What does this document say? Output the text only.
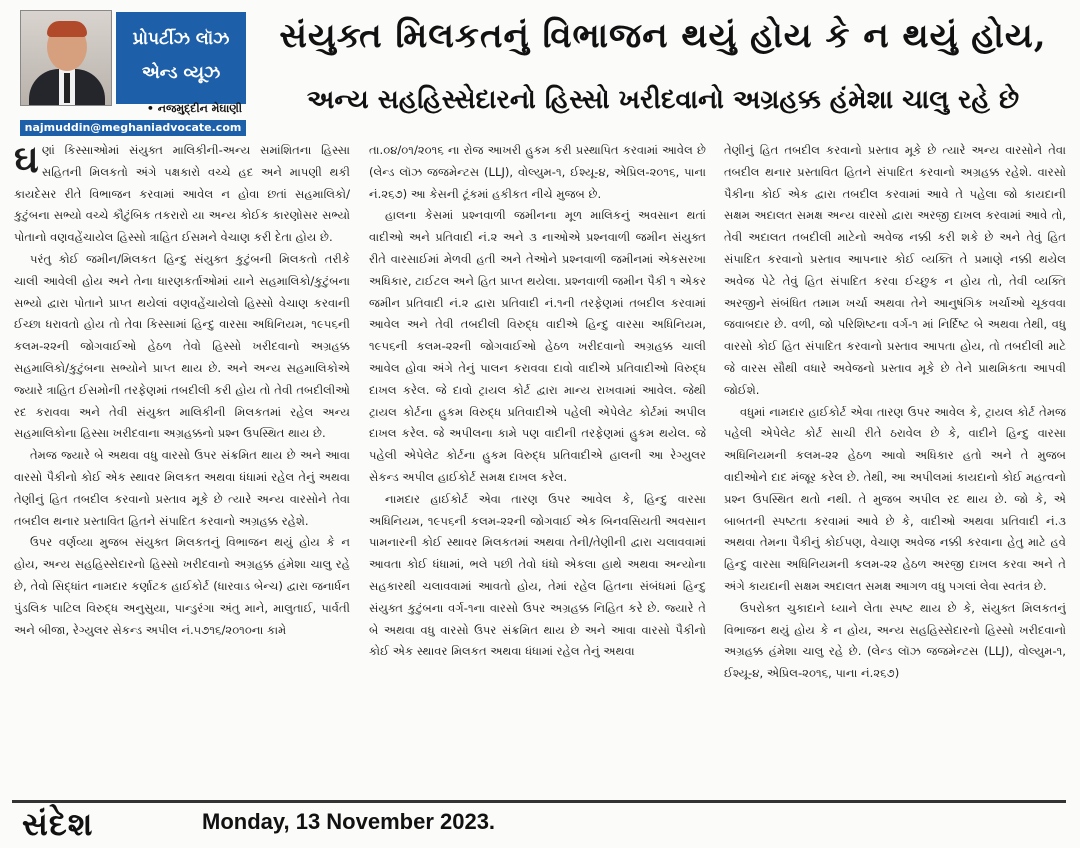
પ્રોપર્ટીઝ લૉઝ
એન્ડ વ્યૂઝ
• નજમુદ્દીન મેઘાણી
najmuddin@meghaniadvocate.com
સંયુક્ત મિલકતનું વિભાજન થયું હોય કે ન થયું હોય,
અન્ય સહહિસ્સેદારનો હિસ્સો ખરીદવાનો અગ્રહક્ક હંમેશા ચાલુ રહે છે

ઘણાં કિસ્સાઓમાં સંયુક્ત માલિકીની-અન્ય સમાંશિતના હિસ્સા સહિતની મિલકતો અંગે પક્ષકારો વચ્ચે હદ અને માપણી થકી કાયદેસર રીતે વિભાજન કરવામાં આવેલ ન હોવા છતાં સહમાલિકો/કુટુંબના સભ્યો વચ્ચે કૌટુંબિક તકરારો યા અન્ય કોઈક કારણોસર સભ્યો પોતાનો વણવહેંચાયેલ હિસ્સો ત્રાહિત ઈસમને વેચાણ કરી દેતા હોય છે.

પરંતુ કોઈ જમીન/મિલકત હિન્દુ સંયુક્ત કુટુંબની મિલકતો તરીકે ચાલી આવેલી હોય અને તેના ધારણકર્તાઓમાં યાને સહમાલિકો/કુટુંબના સભ્યો દ્વારા પોતાને પ્રાપ્ત થયેલાં વણવહેંચાયેલો હિસ્સો વેચાણ કરવાની ઈચ્છા ધરાવતો હોય તો તેવા કિસ્સામાં હિન્દુ વારસા અધિનિયમ, ૧૯૫૬ની કલમ-૨૨ની જોગવાઈઓ હેઠળ તેવો હિસ્સો ખરીદવાનો અગ્રહક્ક સહમાલિકો/કુટુંબના સભ્યોને પ્રાપ્ત થાય છે. અને અન્ય સહમાલિકોએ જ્યારે ત્રાહિત ઈસમોની તરફેણમાં તબદીલી કરી હોય તો તેવી તબદીલીઓ રદ કરાવવા અને તેવી સંયુક્ત માલિકીની મિલકતમાં રહેલ અન્ય સહમાલિકોના હિસ્સા ખરીદવાના અગ્રહક્કનો પ્રશ્ન ઉપસ્થિત થાય છે.

તેમજ જ્યારે બે અથવા વધુ વારસો ઉપર સંક્રમિત થાય છે અને આવા વારસો પૈકીનો કોઈ એક સ્થાવર મિલકત અથવા ધંધામાં રહેલ તેનું અથવા તેણીનું હિત તબદીલ કરવાનો પ્રસ્તાવ મૂકે છે ત્યારે અન્ય વારસોને તેવા તબદીલ થનાર પ્રસ્તાવિત હિતને સંપાદિત કરવાનો અગ્રહક્ક રહેશે.

ઉપર વર્ણવ્યા મુજબ સંયુક્ત મિલકતનું વિભાજન થયું હોય કે ન હોય, અન્ય સહહિસ્સેદારનો હિસ્સો ખરીદવાનો અગ્રહક્ક હંમેશા ચાલુ રહે છે, તેવો સિદ્ધાંત નામદાર કર્ણાટક હાઈકોર્ટ (ધારવાડ બેન્ચ) દ્વારા જનાર્ધન પુંડલિક પાટિલ વિરુદ્ધ અનુસુયા, પાન્ડુરંગા અંતુ માને, માલુતાઈ, પાર્વતી અને બીજા, રેગ્યુલર સેકન્ડ અપીલ નં.૫૭૧૬/૨૦૧૦ના કામે

તા.૦૪/૦૧/૨૦૧૬ ના રોજ આખરી હુકમ કરી પ્રસ્થાપિત કરવામાં આવેલ છે (લેન્ડ લૉઝ જજમેન્ટસ (LLJ), વોલ્યુમ-૧, ઈશ્યૂ-૪, એપ્રિલ-૨૦૧૬, પાના નં.૨૬૭) આ કેસની ટૂંકમાં હકીકત નીચે મુજબ છે.

હાલના કેસમાં પ્રશ્નવાળી જમીનના મૂળ માલિકનું અવસાન થતાં વાદીઓ અને પ્રતિવાદી નં.૨ અને ૩ નાઓએ પ્રશ્નવાળી જમીન સંયુક્ત રીતે વારસાઈમાં મેળવી હતી અને તેઓને પ્રશ્નવાળી જમીનમાં એકસરખા અધિકાર, ટાઈટલ અને હિત પ્રાપ્ત થયેલા. પ્રશ્નવાળી જમીન પૈકી ૧ એકર જમીન પ્રતિવાદી નં.૨ દ્વારા પ્રતિવાદી નં.૧ની તરફેણમાં તબદીલ કરવામાં આવેલ અને તેવી તબદીલી વિરુદ્ધ વાદીએ હિન્દુ વારસા અધિનિયમ, ૧૯૫૬ની કલમ-૨૨ની જોગવાઈઓ હેઠળ ખરીદવાનો અગ્રહક્ક ચાલી આવેલ હોવા અંગે તેનું પાલન કરાવવા દાવો વાદીએ પ્રતિવાદીઓ વિરુદ્ધ દાખલ કરેલ. જે દાવો ટ્રાયલ કોર્ટ દ્વારા માન્ય રાખવામાં આવેલ. જેથી ટ્રાયલ કોર્ટના હુકમ વિરુદ્ધ પ્રતિવાદીએ પહેલી એપેલેટ કોર્ટમાં અપીલ દાખલ કરેલ. જે અપીલના કામે પણ વાદીની તરફેણમાં હુકમ થયેલ. જે પહેલી એપેલેટ કોર્ટના હુકમ વિરુદ્ધ પ્રતિવાદીએ હાલની આ રેગ્યુલર સેકન્ડ અપીલ હાઈકોર્ટ સમક્ષ દાખલ કરેલ.

નામદાર હાઈકોર્ટ એવા તારણ ઉપર આવેલ કે, હિન્દુ વારસા અધિનિયમ, ૧૯૫૬ની કલમ-૨૨ની જોગવાઈ એક બિનવસિયતી અવસાન પામનારની કોઈ સ્થાવર મિલકતમાં અથવા તેની/તેણીની દ્વારા ચલાવવામાં આવતા કોઈ ધંધામાં, ભલે પછી તેવો ધંધો એકલા હાથે અથવા અન્યોના સહકારથી ચલાવવામાં આવતો હોય, તેમાં રહેલ હિતના સંબંધમાં હિન્દુ સંયુક્ત કુટુંબના વર્ગ-૧ના વારસો ઉપર અગ્રહક્ક નિહિત કરે છે. જ્યારે તે બે અથવા વધુ વારસો ઉપર સંક્રમિત થાય છે અને આવા વારસો પૈકીનો કોઈ એક સ્થાવર મિલકત અથવા ધંધામાં રહેલ તેનું અથવા

તેણીનું હિત તબદીલ કરવાનો પ્રસ્તાવ મૂકે છે ત્યારે અન્ય વારસોને તેવા તબદીલ થનાર પ્રસ્તાવિત હિતને સંપાદિત કરવાનો અગ્રહક્ક રહેશે. વારસો પૈકીના કોઈ એક દ્વારા તબદીલ કરવામાં આવે તે પહેલા જો કાયદાની સક્ષમ અદાલત સમક્ષ અન્ય વારસો દ્વારા અરજી દાખલ કરવામાં આવે તો, તેવી અદાલત તબદીલી માટેનો અવેજ નક્કી કરી શકે છે અને તેવું હિત સંપાદિત કરવાનો પ્રસ્તાવ આપનાર કોઈ વ્યક્તિ તે પ્રમાણે નક્કી થયેલ અવેજ પેટે તેવું હિત સંપાદિત કરવા ઈચ્છુક ન હોય તો, તેવી વ્યક્તિ અરજીને સંબંધિત તમામ ખર્ચા અથવા તેને આનુષંગિક ખર્ચાઓ ચૂકવવા જવાબદાર છે. વળી, જો પરિશિષ્ટના વર્ગ-૧ માં નિર્દિષ્ટ બે અથવા તેથી, વધુ વારસો કોઈ હિત સંપાદિત કરવાનો પ્રસ્તાવ આપતા હોય, તો તબદીલી માટે જે વારસ સૌથી વધારે અવેજનો પ્રસ્તાવ મૂકે છે તેને પ્રાથમિકતા આપવી જોઈશે.

વધુમાં નામદાર હાઈકોર્ટ એવા તારણ ઉપર આવેલ કે, ટ્રાયલ કોર્ટ તેમજ પહેલી એપેલેટ કોર્ટ સાચી રીતે ઠરાવેલ છે કે, વાદીને હિન્દુ વારસા અધિનિયમની કલમ-૨૨ હેઠળ આવો અધિકાર હતો અને તે મુજબ વાદીઓને દાદ મંજૂર કરેલ છે. તેથી, આ અપીલમાં કાયદાનો કોઈ મહત્વનો પ્રશ્ન ઉપસ્થિત થતો નથી. તે મુજબ અપીલ રદ થાય છે. જો કે, એ બાબતની સ્પષ્ટતા કરવામાં આવે છે કે, વાદીઓ અથવા પ્રતિવાદી નં.૩ અથવા તેમના પૈકીનું કોઈપણ, વેચાણ અવેજ નક્કી કરવાના હેતુ માટે હવે હિન્દુ વારસા અધિનિયમની કલમ-૨૨ હેઠળ અરજી દાખલ કરવા અને તે અંગે કાયદાની સક્ષમ અદાલત સમક્ષ આગળ વધુ પગલાં લેવા સ્વતંત્ર છે.

ઉપરોક્ત ચુકાદાને ધ્યાને લેતા સ્પષ્ટ થાય છે કે, સંયુક્ત મિલકતનું વિભાજન થયું હોય કે ન હોય, અન્ય સહહિસ્સેદારનો હિસ્સો ખરીદવાનો અગ્રહક્ક હંમેશા ચાલુ રહે છે. (લેન્ડ લૉઝ જજમેન્ટસ (LLJ), વોલ્યુમ-૧, ઈશ્યૂ-૪, એપ્રિલ-૨૦૧૬, પાના નં.૨૬૭)

સંદેશ	Monday, 13 November 2023.
